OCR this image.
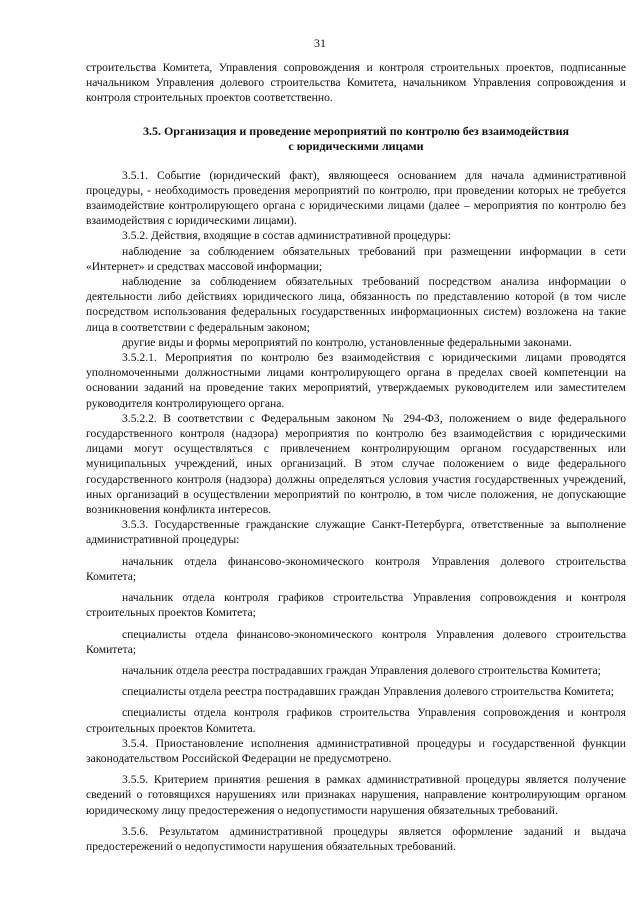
31

строительства Комитета, Управления сопровождения и контроля строительных проектов, подписанные начальником Управления долевого строительства Комитета, начальником Управления сопровождения и контроля строительных проектов соответственно.

3.5. Организация и проведение мероприятий по контролю без взаимодействия
с юридическими лицами

3.5.1. Событие (юридический факт), являющееся основанием для начала административной процедуры, - необходимость проведения мероприятий по контролю, при проведении которых не требуется взаимодействие контролирующего органа с юридическими лицами (далее – мероприятия по контролю без взаимодействия с юридическими лицами).

3.5.2. Действия, входящие в состав административной процедуры:

наблюдение за соблюдением обязательных требований при размещении информации в сети «Интернет» и средствах массовой информации;

наблюдение за соблюдением обязательных требований посредством анализа информации о деятельности либо действиях юридического лица, обязанность по представлению которой (в том числе посредством использования федеральных государственных информационных систем) возложена на такие лица в соответствии с федеральным законом;

другие виды и формы мероприятий по контролю, установленные федеральными законами.

3.5.2.1. Мероприятия по контролю без взаимодействия с юридическими лицами проводятся уполномоченными должностными лицами контролирующего органа в пределах своей компетенции на основании заданий на проведение таких мероприятий, утверждаемых руководителем или заместителем руководителя контролирующего органа.

3.5.2.2. В соответствии с Федеральным законом № 294-ФЗ, положением о виде федерального государственного контроля (надзора) мероприятия по контролю без взаимодействия с юридическими лицами могут осуществляться с привлечением контролирующим органом государственных или муниципальных учреждений, иных организаций. В этом случае положением о виде федерального государственного контроля (надзора) должны определяться условия участия государственных учреждений, иных организаций в осуществлении мероприятий по контролю, в том числе положения, не допускающие возникновения конфликта интересов.

3.5.3. Государственные гражданские служащие Санкт-Петербурга, ответственные за выполнение административной процедуры:

начальник отдела финансово-экономического контроля Управления долевого строительства Комитета;

начальник отдела контроля графиков строительства Управления сопровождения и контроля строительных проектов Комитета;

специалисты отдела финансово-экономического контроля Управления долевого строительства Комитета;

начальник отдела реестра пострадавших граждан Управления долевого строительства Комитета;

специалисты отдела реестра пострадавших граждан Управления долевого строительства Комитета;

специалисты отдела контроля графиков строительства Управления сопровождения и контроля строительных проектов Комитета.

3.5.4. Приостановление исполнения административной процедуры и государственной функции законодательством Российской Федерации не предусмотрено.

3.5.5. Критерием принятия решения в рамках административной процедуры является получение сведений о готовящихся нарушениях или признаках нарушения, направление контролирующим органом юридическому лицу предостережения о недопустимости нарушения обязательных требований.

3.5.6. Результатом административной процедуры является оформление заданий и выдача предостережений о недопустимости нарушения обязательных требований.
